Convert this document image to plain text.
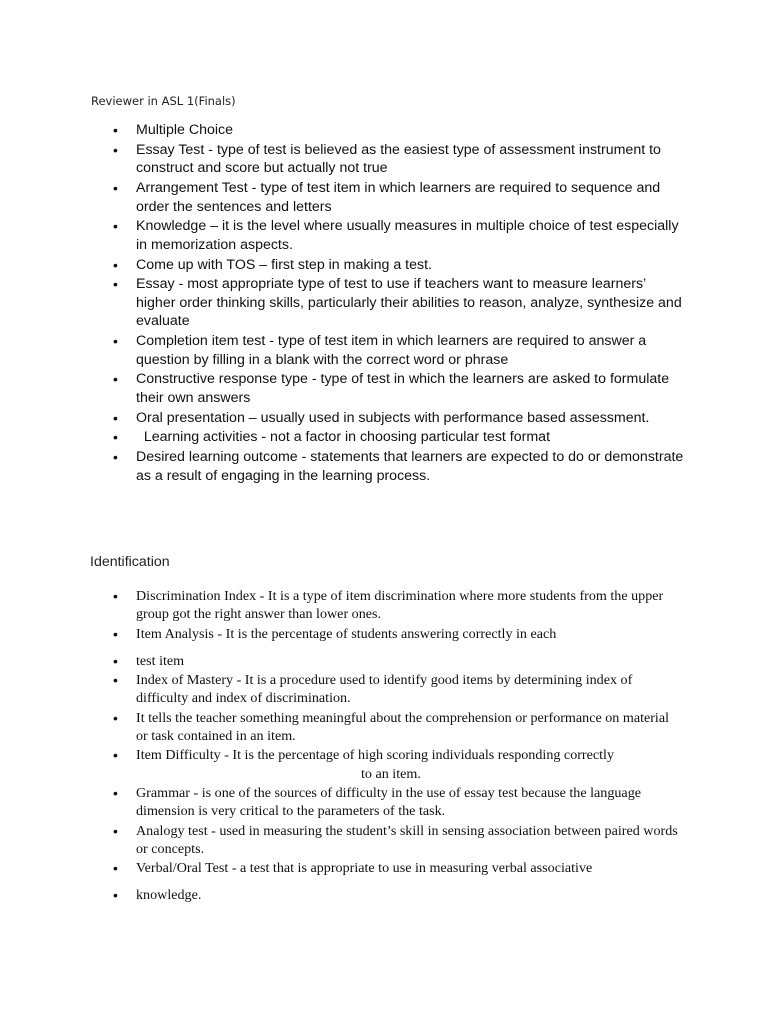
Reviewer in ASL 1(Finals)
• Multiple Choice
• Essay Test - type of test is believed as the easiest type of assessment instrument to construct and score but actually not true
• Arrangement Test - type of test item in which learners are required to sequence and order the sentences and letters
• Knowledge – it is the level where usually measures in multiple choice of test especially in memorization aspects.
• Come up with TOS – first step in making a test.
• Essay - most appropriate type of test to use if teachers want to measure learners’ higher order thinking skills, particularly their abilities to reason, analyze, synthesize and evaluate
• Completion item test - type of test item in which learners are required to answer a question by filling in a blank with the correct word or phrase
• Constructive response type - type of test in which the learners are asked to formulate their own answers
• Oral presentation – usually used in subjects with performance based assessment.
•   Learning activities - not a factor in choosing particular test format
• Desired learning outcome - statements that learners are expected to do or demonstrate as a result of engaging in the learning process.
Identification
• Discrimination Index - It is a type of item discrimination where more students from the upper group got the right answer than lower ones.
• Item Analysis - It is the percentage of students answering correctly in each
• test item
• Index of Mastery - It is a procedure used to identify good items by determining index of difficulty and index of discrimination.
• It tells the teacher something meaningful about the comprehension or performance on material or task contained in an item.
• Item Difficulty - It is the percentage of high scoring individuals responding correctly
to an item.
• Grammar - is one of the sources of difficulty in the use of essay test because the language dimension is very critical to the parameters of the task.
• Analogy test - used in measuring the student’s skill in sensing association between paired words or concepts.
• Verbal/Oral Test - a test that is appropriate to use in measuring verbal associative
• knowledge.
